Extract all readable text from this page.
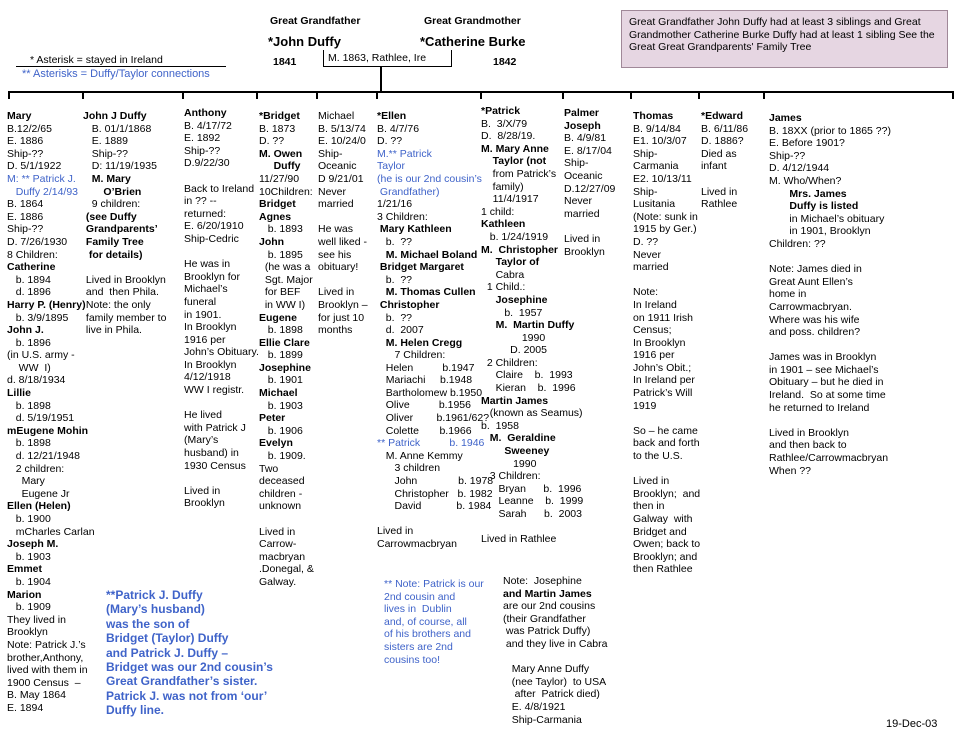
Great Grandfather	Great Grandmother
*John Duffy	*Catherine Burke
1841	1842
M. 1863, Rathlee, Ire
* Asterisk = stayed in Ireland
** Asterisks = Duffy/Taylor connections
Great Grandfather John Duffy had at least 3 siblings and Great Grandmother Catherine Burke Duffy had at least 1 sibling See the Great Great Grandparents' Family Tree
Mary
B.12/2/65
E. 1886
Ship-??
D. 5/1/1922
M: ** Patrick J.
Duffy 2/14/93
B. 1864
E. 1886
Ship-??
D. 7/26/1930
8 Children:
Catherine
b. 1894
d. 1896
Harry P. (Henry)
b. 3/9/1895
John J.
b. 1896
(in U.S. army -
WW  I)
d. 8/18/1934
Lillie
b. 1898
d. 5/19/1951
mEugene Mohin
b. 1898
d. 12/21/1948
2 children:
Mary
Eugene Jr
Ellen (Helen)
b. 1900
mCharles Carlan
Joseph M.
b. 1903
Emmet
b. 1904
Marion
b. 1909
They lived in
Brooklyn
Note: Patrick J.’s
brother,Anthony,
lived with them in
1900 Census  –
B. May 1864
E. 1894
John J Duffy
B. 01/1/1868
E. 1889
Ship-??
D: 11/19/1935
M. Mary
O’Brien
9 children:
(see Duffy
Grandparents’
Family Tree
for details)
Lived in Brooklyn
and  then Phila.
Note: the only
family member to
live in Phila.
Anthony
B. 4/17/72
E. 1892
Ship-??
D.9/22/30
Back to Ireland
in ?? --
returned:
E. 6/20/1910
Ship-Cedric
He was in
Brooklyn for
Michael’s
funeral
in 1901.
In Brooklyn
1916 per
John’s Obituary.
In Brooklyn
4/12/1918
WW I registr.
He lived
with Patrick J
(Mary’s
husband) in
1930 Census
Lived in
Brooklyn
*Bridget
B. 1873
D. ??
M. Owen
Duffy
11/27/90
10Children:
Bridget
Agnes
b. 1893
John
b. 1895
(he was a
Sgt. Major
for BEF
in WW I)
Eugene
b. 1898
Ellie Clare
b. 1899
Josephine
b. 1901
Michael
b. 1903
Peter
b. 1906
Evelyn
b. 1909.
Two
deceased
children -
unknown
Lived in
Carrow-
macbryan
.Donegal, &
Galway.
Michael
B. 5/13/74
E. 10/24/0
Ship-
Oceanic
D 9/21/01
Never
married
He was
well liked -
see his
obituary!
Lived in
Brooklyn –
for just 10
months
*Ellen
B. 4/7/76
D. ??
M.** Patrick
Taylor
(he is our 2nd cousin’s
Grandfather)
1/21/16
3 Children:
Mary Kathleen
b.  ??
M. Michael Boland
Bridget Margaret
b.  ??
M. Thomas Cullen
Christopher
b.  ??
d.  2007
M. Helen Cregg
7 Children:
Helen          b.1947
Mariachi     b.1948
Bartholomew b.1950
Olive          b.1956
Oliver        b.1961/62?
Colette       b.1966
** Patrick          b. 1946
M. Anne Kemmy
3 children
John              b. 1978
Christopher   b. 1982
David            b. 1984
Lived in
Carrowmacbryan
*Patrick
B.  3/X/79
D.  8/28/19.
M. Mary Anne
Taylor (not
from Patrick’s
family)
11/4/1917
1 child:
Kathleen
b. 1/24/1919
M.  Christopher
Taylor of
Cabra
1 Child.:
Josephine
b.  1957
M.  Martin Duffy
1990
D. 2005
2 Children:
Claire    b.  1993
Kieran    b.  1996
Martin James
(known as Seamus)
b.  1958
M.  Geraldine
Sweeney
1990
3 Children:
Bryan      b.  1996
Leanne    b.  1999
Sarah      b.  2003
Lived in Rathlee
Palmer
Joseph
B. 4/9/81
E. 8/17/04
Ship-
Oceanic
D.12/27/09
Never
married
Lived in
Brooklyn
Thomas
B. 9/14/84
E1. 10/3/07
Ship-
Carmania
E2. 10/13/11
Ship-
Lusitania
(Note: sunk in
1915 by Ger.)
D. ??
Never
married
Note:
In Ireland
on 1911 Irish
Census;
In Brooklyn
1916 per
John’s Obit.;
In Ireland per
Patrick’s Will
1919
So – he came
back and forth
to the U.S.
Lived in
Brooklyn;  and
then in
Galway  with
Bridget and
Owen; back to
Brooklyn; and
then Rathlee
*Edward
B. 6/11/86
D. 1886?
Died as
infant
Lived in
Rathlee
James
B. 18XX (prior to 1865 ??)
E. Before 1901?
Ship-??
D. 4/12/1944
M. Who/When?
Mrs. James
Duffy is listed
in Michael’s obituary
in 1901, Brooklyn
Children: ??
Note: James died in
Great Aunt Ellen’s
home in
Carrowmacbryan.
Where was his wife
and poss. children?
James was in Brooklyn
in 1901 – see Michael’s
Obituary – but he died in
Ireland.  So at some time
he returned to Ireland
Lived in Brooklyn
and then back to
Rathlee/Carrowmacbryan
When ??
** Note: Patrick is our
2nd cousin and
lives in  Dublin
and, of course, all
of his brothers and
sisters are 2nd
cousins too!
Note:  Josephine
and Martin James
are our 2nd cousins
(their Grandfather
was Patrick Duffy)
and they live in Cabra
Mary Anne Duffy
(nee Taylor)  to USA
after  Patrick died)
E. 4/8/1921
Ship-Carmania
**Patrick J. Duffy
(Mary’s husband)
was the son of
Bridget (Taylor) Duffy
and Patrick J. Duffy –
Bridget was our 2nd cousin’s
Great Grandfather’s sister.
Patrick J. was not from ‘our’
Duffy line.
19-Dec-03
